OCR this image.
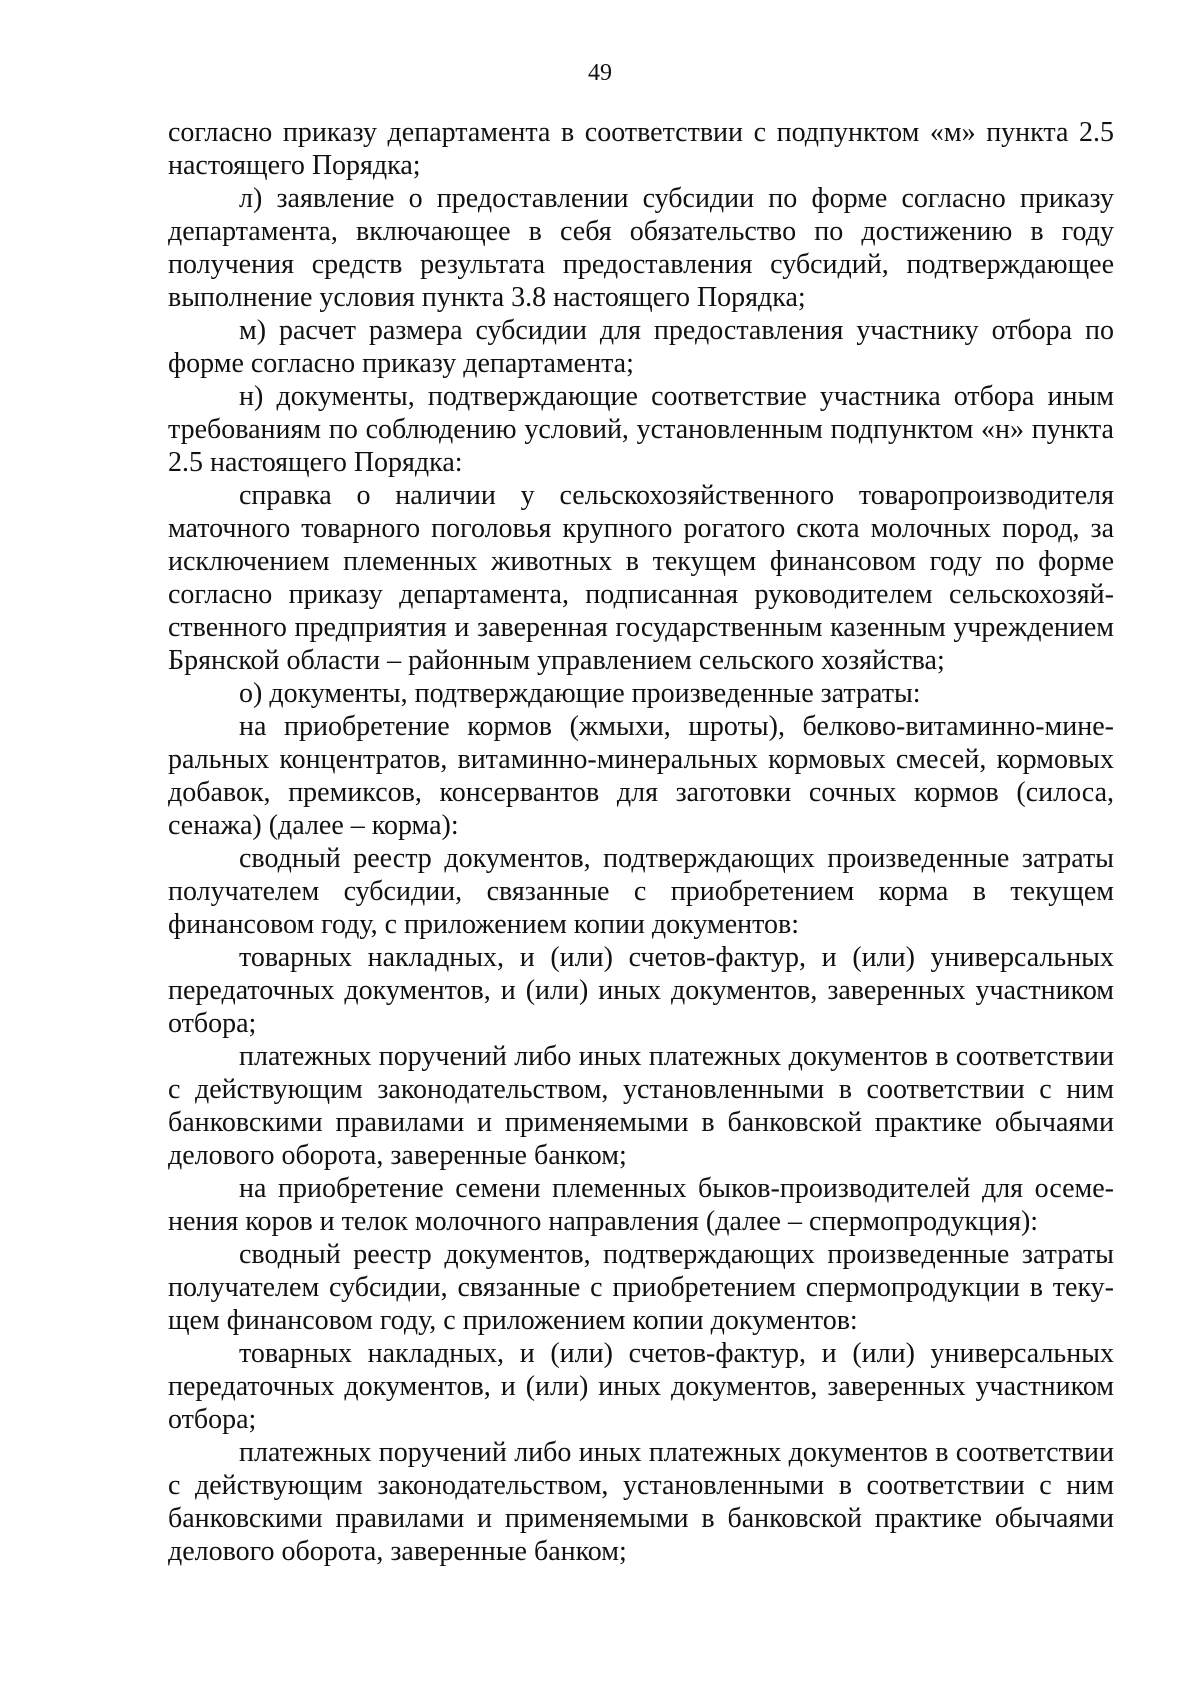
49

согласно приказу департамента в соответствии с подпунктом «м» пункта 2.5 настоящего Порядка;

л) заявление о предоставлении субсидии по форме согласно приказу департамента, включающее в себя обязательство по достижению в году получения средств результата предоставления субсидий, подтверждающее выполнение условия пункта 3.8 настоящего Порядка;

м) расчет размера субсидии для предоставления участнику отбора по форме согласно приказу департамента;

н) документы, подтверждающие соответствие участника отбора иным требованиям по соблюдению условий, установленным подпунктом «н» пункта 2.5 настоящего Порядка:

справка о наличии у сельскохозяйственного товаропроизводителя маточного товарного поголовья крупного рогатого скота молочных пород, за исключением племенных животных в текущем финансовом году по форме согласно приказу департамента, подписанная руководителем сельскохозяйственного предприятия и заверенная государственным казенным учреждением Брянской области – районным управлением сельского хозяйства;

о) документы, подтверждающие произведенные затраты:

на приобретение кормов (жмыхи, шроты), белково-витаминно-минеральных концентратов, витаминно-минеральных кормовых смесей, кормовых добавок, премиксов, консервантов для заготовки сочных кормов (силоса, сенажа) (далее – корма):

сводный реестр документов, подтверждающих произведенные затраты получателем субсидии, связанные с приобретением корма в текущем финансовом году, с приложением копии документов:

товарных накладных, и (или) счетов-фактур, и (или) универсальных передаточных документов, и (или) иных документов, заверенных участником отбора;

платежных поручений либо иных платежных документов в соответствии с действующим законодательством, установленными в соответствии с ним банковскими правилами и применяемыми в банковской практике обычаями делового оборота, заверенные банком;

на приобретение семени племенных быков-производителей для осеменения коров и телок молочного направления (далее – спермопродукция):

сводный реестр документов, подтверждающих произведенные затраты получателем субсидии, связанные с приобретением спермопродукции в текущем финансовом году, с приложением копии документов:

товарных накладных, и (или) счетов-фактур, и (или) универсальных передаточных документов, и (или) иных документов, заверенных участником отбора;

платежных поручений либо иных платежных документов в соответствии с действующим законодательством, установленными в соответствии с ним банковскими правилами и применяемыми в банковской практике обычаями делового оборота, заверенные банком;
